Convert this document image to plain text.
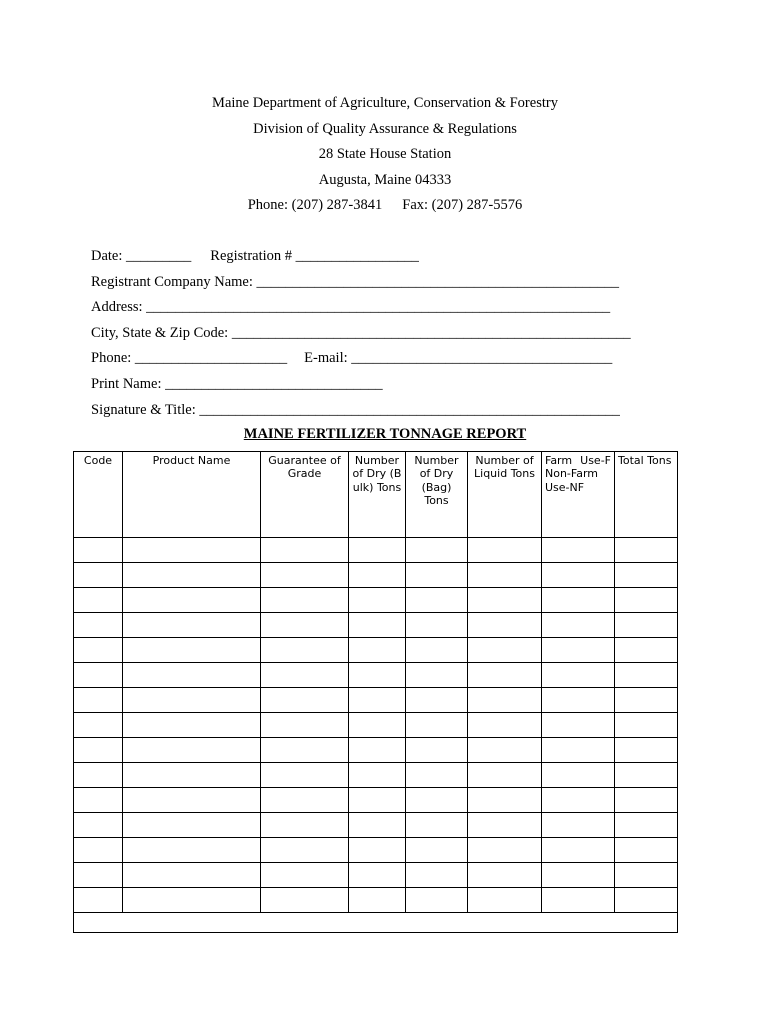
Maine Department of Agriculture, Conservation & Forestry
Division of Quality Assurance & Regulations
28 State House Station
Augusta, Maine 04333
Phone: (207) 287-3841 Fax: (207) 287-5576
Date: _________ Registration # _________________
Registrant Company Name: __________________________________________________
Address: ________________________________________________________________
City, State & Zip Code: _______________________________________________________
Phone: _____________________ E-mail: ____________________________________
Print Name: ______________________________
Signature & Title: __________________________________________________________
MAINE FERTILIZER TONNAGE REPORT
Code	Product Name	Guarantee of Grade	Number of Dry (Bulk) Tons	Number of Dry (Bag) Tons	Number of Liquid Tons	Farm Use-F Non-Farm Use-NF	Total Tons
